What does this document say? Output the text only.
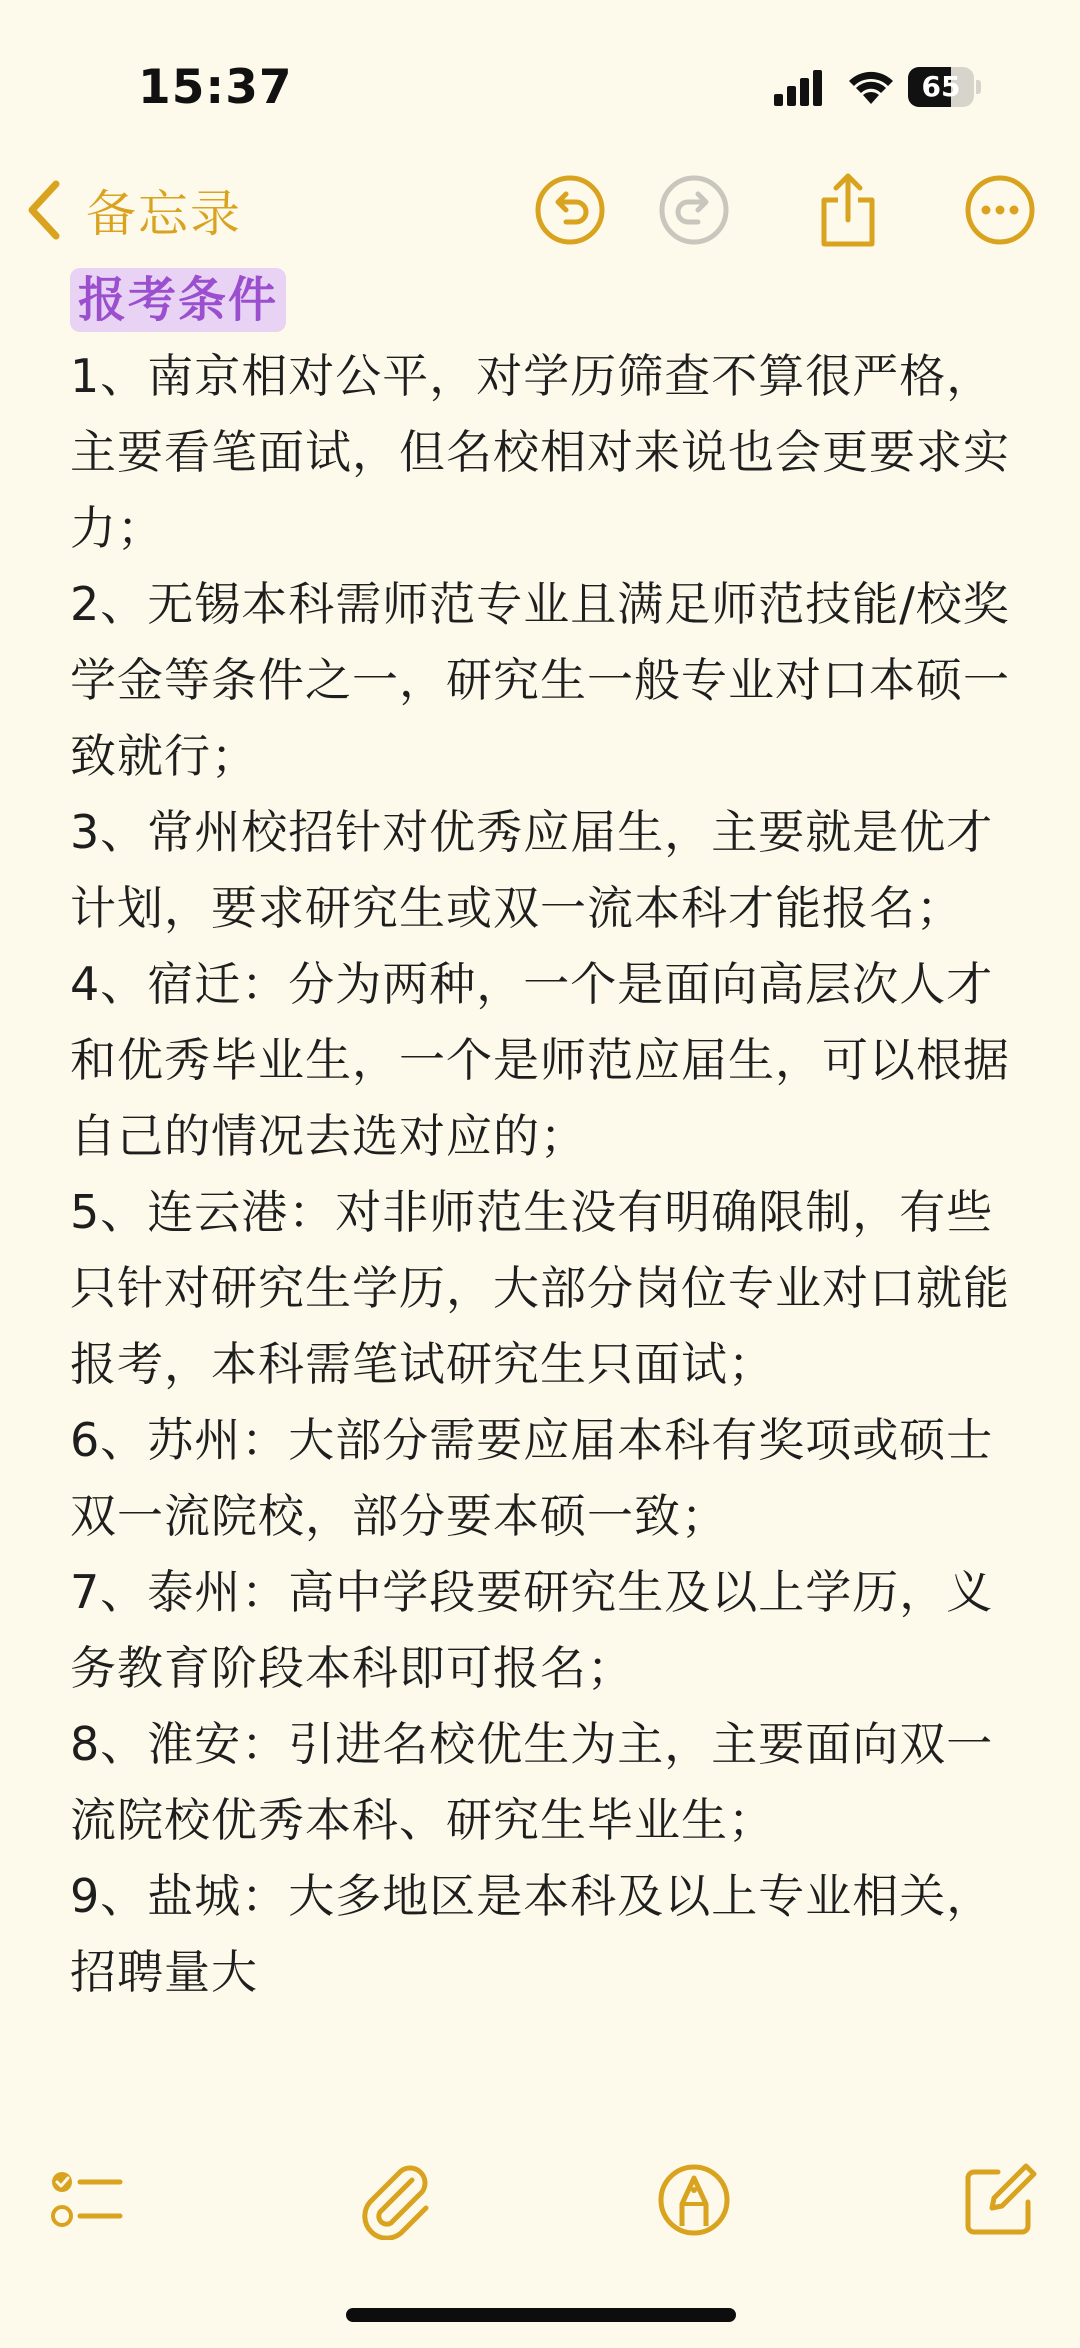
15:37	65
备忘录
报考条件
1、南京相对公平，对学历筛查不算很严格，主要看笔面试，但名校相对来说也会更要求实力；
2、无锡本科需师范专业且满足师范技能/校奖学金等条件之一，研究生一般专业对口本硕一致就行；
3、常州校招针对优秀应届生，主要就是优才计划，要求研究生或双一流本科才能报名；
4、宿迁：分为两种，一个是面向高层次人才和优秀毕业生，一个是师范应届生，可以根据自己的情况去选对应的；
5、连云港：对非师范生没有明确限制，有些只针对研究生学历，大部分岗位专业对口就能报考，本科需笔试研究生只面试；
6、苏州：大部分需要应届本科有奖项或硕士双一流院校，部分要本硕一致；
7、泰州：高中学段要研究生及以上学历，义务教育阶段本科即可报名；
8、淮安：引进名校优生为主，主要面向双一流院校优秀本科、研究生毕业生；
9、盐城：大多地区是本科及以上专业相关，招聘量大
